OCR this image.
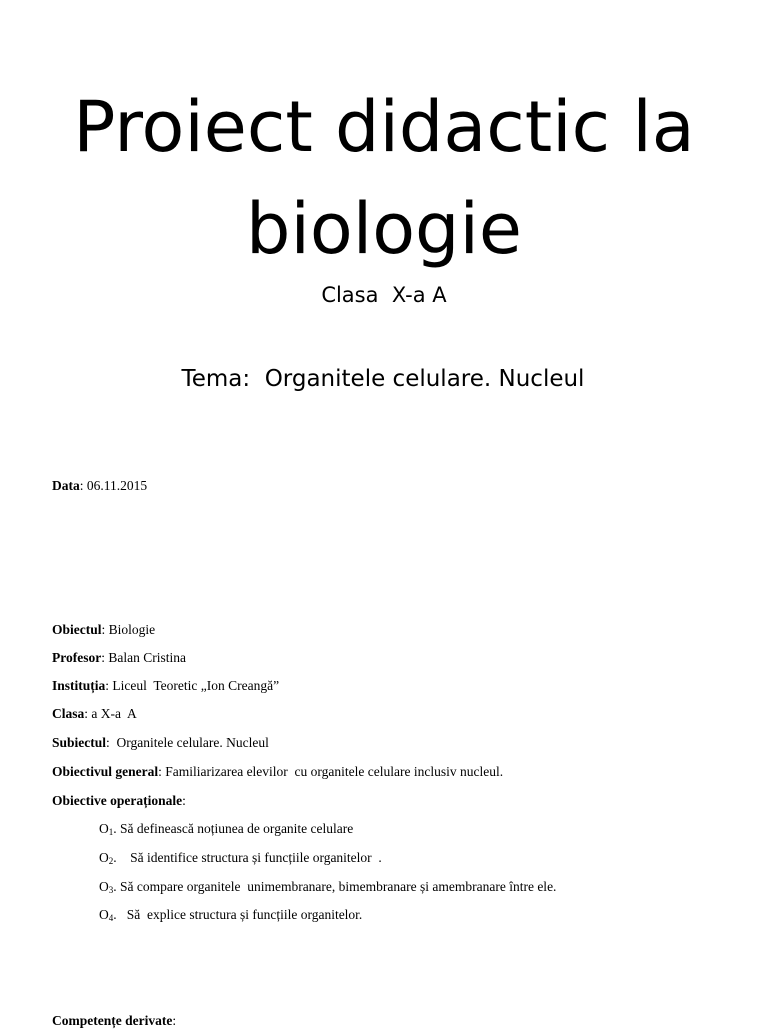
Proiect didactic la biologie
Clasa  X-a A
Tema:  Organitele celulare. Nucleul
Data: 06.11.2015
Obiectul: Biologie
Profesor: Balan Cristina
Instituția: Liceul  Teoretic „Ion Creangă”
Clasa: a X-a  A
Subiectul:  Organitele celulare. Nucleul
Obiectivul general: Familiarizarea elevilor  cu organitele celulare inclusiv nucleul.
Obiective operaționale:
$O_1$. Să definească noțiunea de organite celulare
$O_2$.    Să identifice structura și funcțiile organitelor  .
$O_3$. Să compare organitele  unimembranare, bimembranare și amembranare între ele.
$O_4$.   Să  explice structura și funcțiile organitelor.
Competențe derivate:
